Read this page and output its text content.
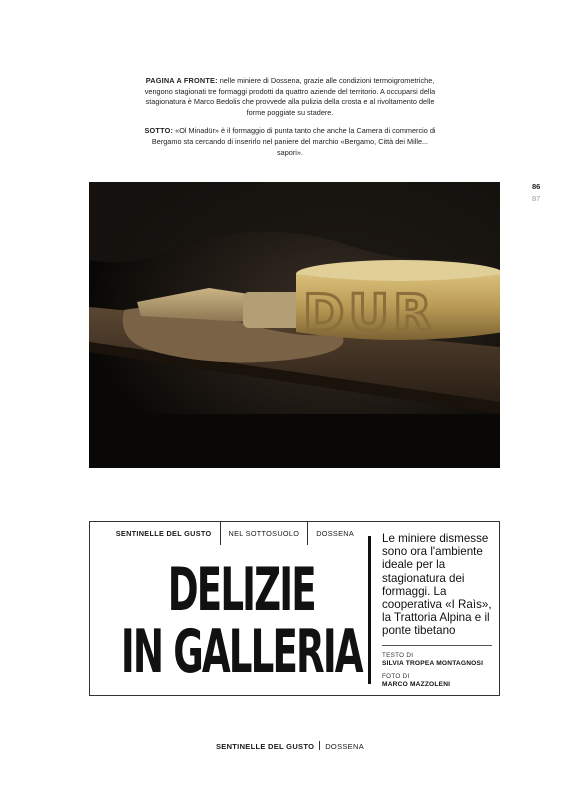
PAGINA A FRONTE: nelle miniere di Dossena, grazie alle condizioni termoigrometriche, vengono stagionati tre formaggi prodotti da quattro aziende del territorio. A occuparsi della stagionatura è Marco Bedolis che provvede alla pulizia della crosta e al rivoltamento delle forme poggiate su stadere.

SOTTO: «Ol Minadür» è il formaggio di punta tanto che anche la Camera di commercio di Bergamo sta cercando di inserirlo nel paniere del marchio «Bergamo, Città dei Mille... sapori».

86
87
DUR
SENTINELLE DEL GUSTO	NEL SOTTOSUOLO	DOSSENA
DELIZIE
IN GALLERIA

Le miniere dismesse sono ora l'ambiente ideale per la stagionatura dei formaggi. La cooperativa «I Raìs», la Trattoria Alpina e il ponte tibetano

TESTO DI

SILVIA TROPEA MONTAGNOSI

FOTO DI

MARCO MAZZOLENI

SENTINELLE DEL GUSTO DOSSENA
